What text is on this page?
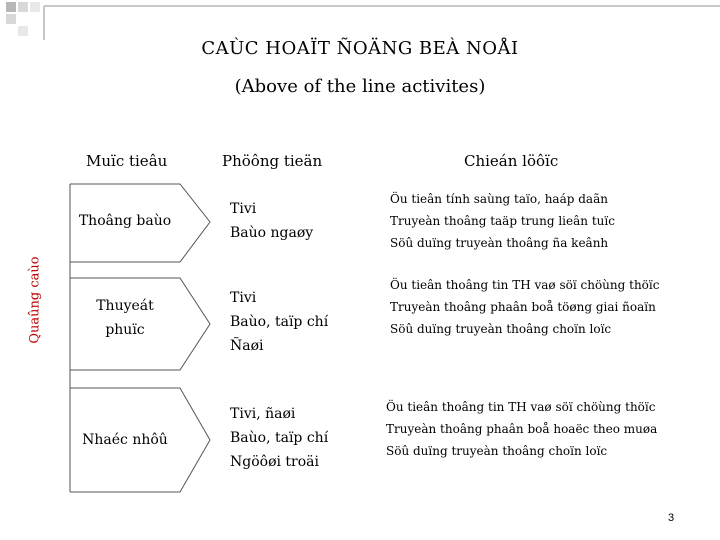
CAÙC HOAÏT ÑOÄNG BEÀ NOÅI
(Above of the line activites)
Muïc tieâu	Phöông tieän	Chieán löôïc
Quaûng caùo
Thoâng baùo
Tivi
Baùo ngaøy
Öu tieân tính saùng taïo, haáp daãn
Truyeàn thoâng taäp trung lieân tuïc
Söû duïng truyeàn thoâng ña keânh
Thuyeát
phuïc
Tivi
Baùo, taïp chí
Ñaøi
Öu tieân thoâng tin TH vaø söï chöùng thöïc
Truyeàn thoâng phaân boå töøng giai ñoaïn
Söû duïng truyeàn thoâng choïn loïc
Nhaéc nhôû
Tivi, ñaøi
Baùo, taïp chí
Ngöôøi troäi
Öu tieân thoâng tin TH vaø söï chöùng thöïc
Truyeàn thoâng phaân boå hoaëc theo muøa
Söû duïng truyeàn thoâng choïn loïc
3
